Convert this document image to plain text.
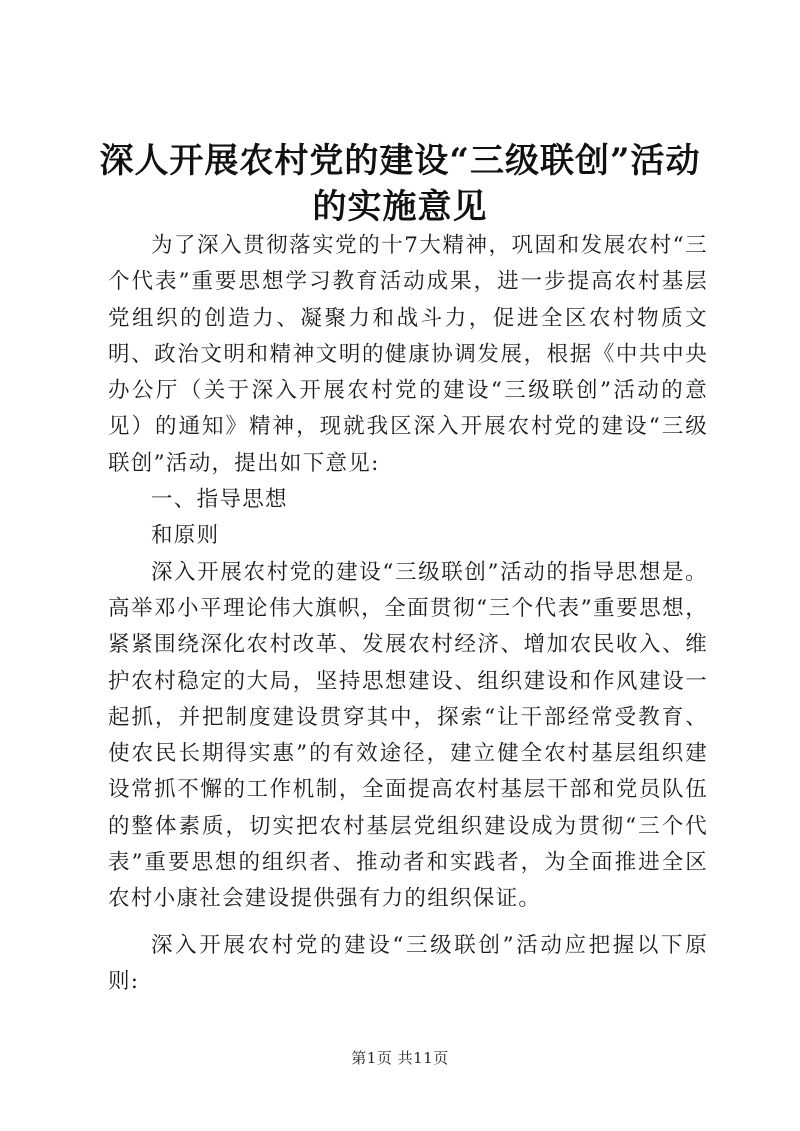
深人开展农村党的建设“三级联创”活动的实施意见

为了深入贯彻落实党的十7大精神，巩固和发展农村“三个代表”重要思想学习教育活动成果，进一步提高农村基层党组织的创造力、凝聚力和战斗力，促进全区农村物质文明、政治文明和精神文明的健康协调发展，根据《中共中央办公厅（关于深入开展农村党的建设“三级联创”活动的意见）的通知》精神，现就我区深入开展农村党的建设“三级联创”活动，提出如下意见:

一、指导思想

和原则

深入开展农村党的建设“三级联创”活动的指导思想是。高举邓小平理论伟大旗帜，全面贯彻“三个代表”重要思想，紧紧围绕深化农村改革、发展农村经济、增加农民收入、维护农村稳定的大局，坚持思想建设、组织建设和作风建设一起抓，并把制度建设贯穿其中，探索“让干部经常受教育、使农民长期得实惠”的有效途径，建立健全农村基层组织建设常抓不懈的工作机制，全面提高农村基层干部和党员队伍的整体素质，切实把农村基层党组织建设成为贯彻“三个代表”重要思想的组织者、推动者和实践者，为全面推进全区农村小康社会建设提供强有力的组织保证。

深入开展农村党的建设“三级联创”活动应把握以下原则:

第1页 共11页
